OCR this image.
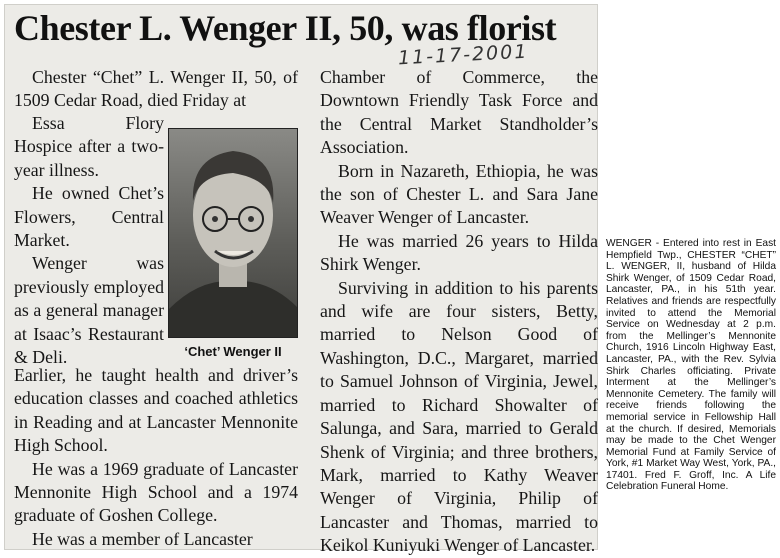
Chester L. Wenger II, 50, was florist
11-17-2001

Chester “Chet” L. Wenger II, 50, of 1509 Cedar Road, died Friday at

Essa Flory Hospice after a two-year illness.

He owned Chet’s Flowers, Central Market.

Wenger was previously employed as a general manager at Isaac’s Restaurant & Deli.	‘Chet’ Wenger II

Earlier, he taught health and driver’s education classes and coached athletics in Reading and at Lancaster Mennonite High School.

He was a 1969 graduate of Lancaster Mennonite High School and a 1974 graduate of Goshen College.

He was a member of Lancaster

Chamber of Commerce, the Downtown Friendly Task Force and the Central Market Standholder’s Association.

Born in Nazareth, Ethiopia, he was the son of Chester L. and Sara Jane Weaver Wenger of Lancaster.

He was married 26 years to Hilda Shirk Wenger.

Surviving in addition to his parents and wife are four sisters, Betty, married to Nelson Good of Washington, D.C., Margaret, married to Samuel Johnson of Virginia, Jewel, married to Richard Showalter of Salunga, and Sara, married to Gerald Shenk of Virginia; and three brothers, Mark, married to Kathy Weaver Wenger of Virginia, Philip of Lancaster and Thomas, married to Keikol Kuniyuki Wenger of Lancaster.

WENGER - Entered into rest in East Hempfield Twp., CHESTER “CHET” L. WENGER, II, husband of Hilda Shirk Wenger, of 1509 Cedar Road, Lancaster, PA., in his 51th year. Relatives and friends are respectfully invited to attend the Memorial Service on Wednesday at 2 p.m. from the Mellinger’s Mennonite Church, 1916 Lincoln Highway East, Lancaster, PA., with the Rev. Sylvia Shirk Charles officiating. Private Interment at the Mellinger’s Mennonite Cemetery. The family will receive friends following the memorial service in Fellowship Hall at the church. If desired, Memorials may be made to the Chet Wenger Memorial Fund at Family Service of York, #1 Market Way West, York, PA., 17401. Fred F. Groff, Inc. A Life Celebration Funeral Home.
